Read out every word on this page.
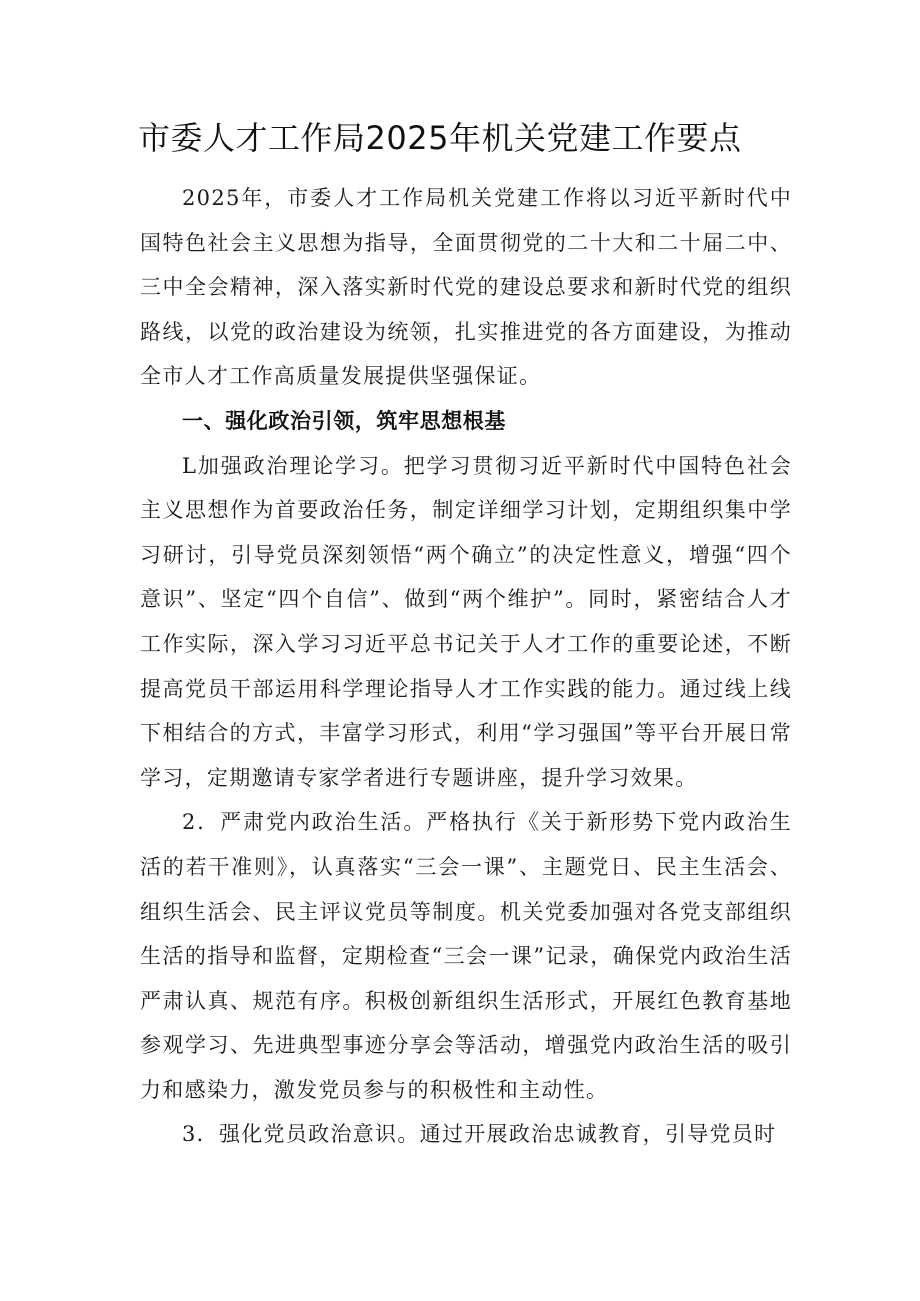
市委人才工作局2025年机关党建工作要点

2025年，市委人才工作局机关党建工作将以习近平新时代中国特色社会主义思想为指导，全面贯彻党的二十大和二十届二中、三中全会精神，深入落实新时代党的建设总要求和新时代党的组织路线，以党的政治建设为统领，扎实推进党的各方面建设，为推动全市人才工作高质量发展提供坚强保证。

一、强化政治引领，筑牢思想根基

L加强政治理论学习。把学习贯彻习近平新时代中国特色社会主义思想作为首要政治任务，制定详细学习计划，定期组织集中学习研讨，引导党员深刻领悟“两个确立”的决定性意义，增强“四个意识”、坚定“四个自信”、做到“两个维护”。同时，紧密结合人才工作实际，深入学习习近平总书记关于人才工作的重要论述，不断提高党员干部运用科学理论指导人才工作实践的能力。通过线上线下相结合的方式，丰富学习形式，利用“学习强国”等平台开展日常学习，定期邀请专家学者进行专题讲座，提升学习效果。

2．严肃党内政治生活。严格执行《关于新形势下党内政治生活的若干准则》，认真落实“三会一课”、主题党日、民主生活会、组织生活会、民主评议党员等制度。机关党委加强对各党支部组织生活的指导和监督，定期检查“三会一课”记录，确保党内政治生活严肃认真、规范有序。积极创新组织生活形式，开展红色教育基地参观学习、先进典型事迹分享会等活动，增强党内政治生活的吸引力和感染力，激发党员参与的积极性和主动性。

3．强化党员政治意识。通过开展政治忠诚教育，引导党员时
